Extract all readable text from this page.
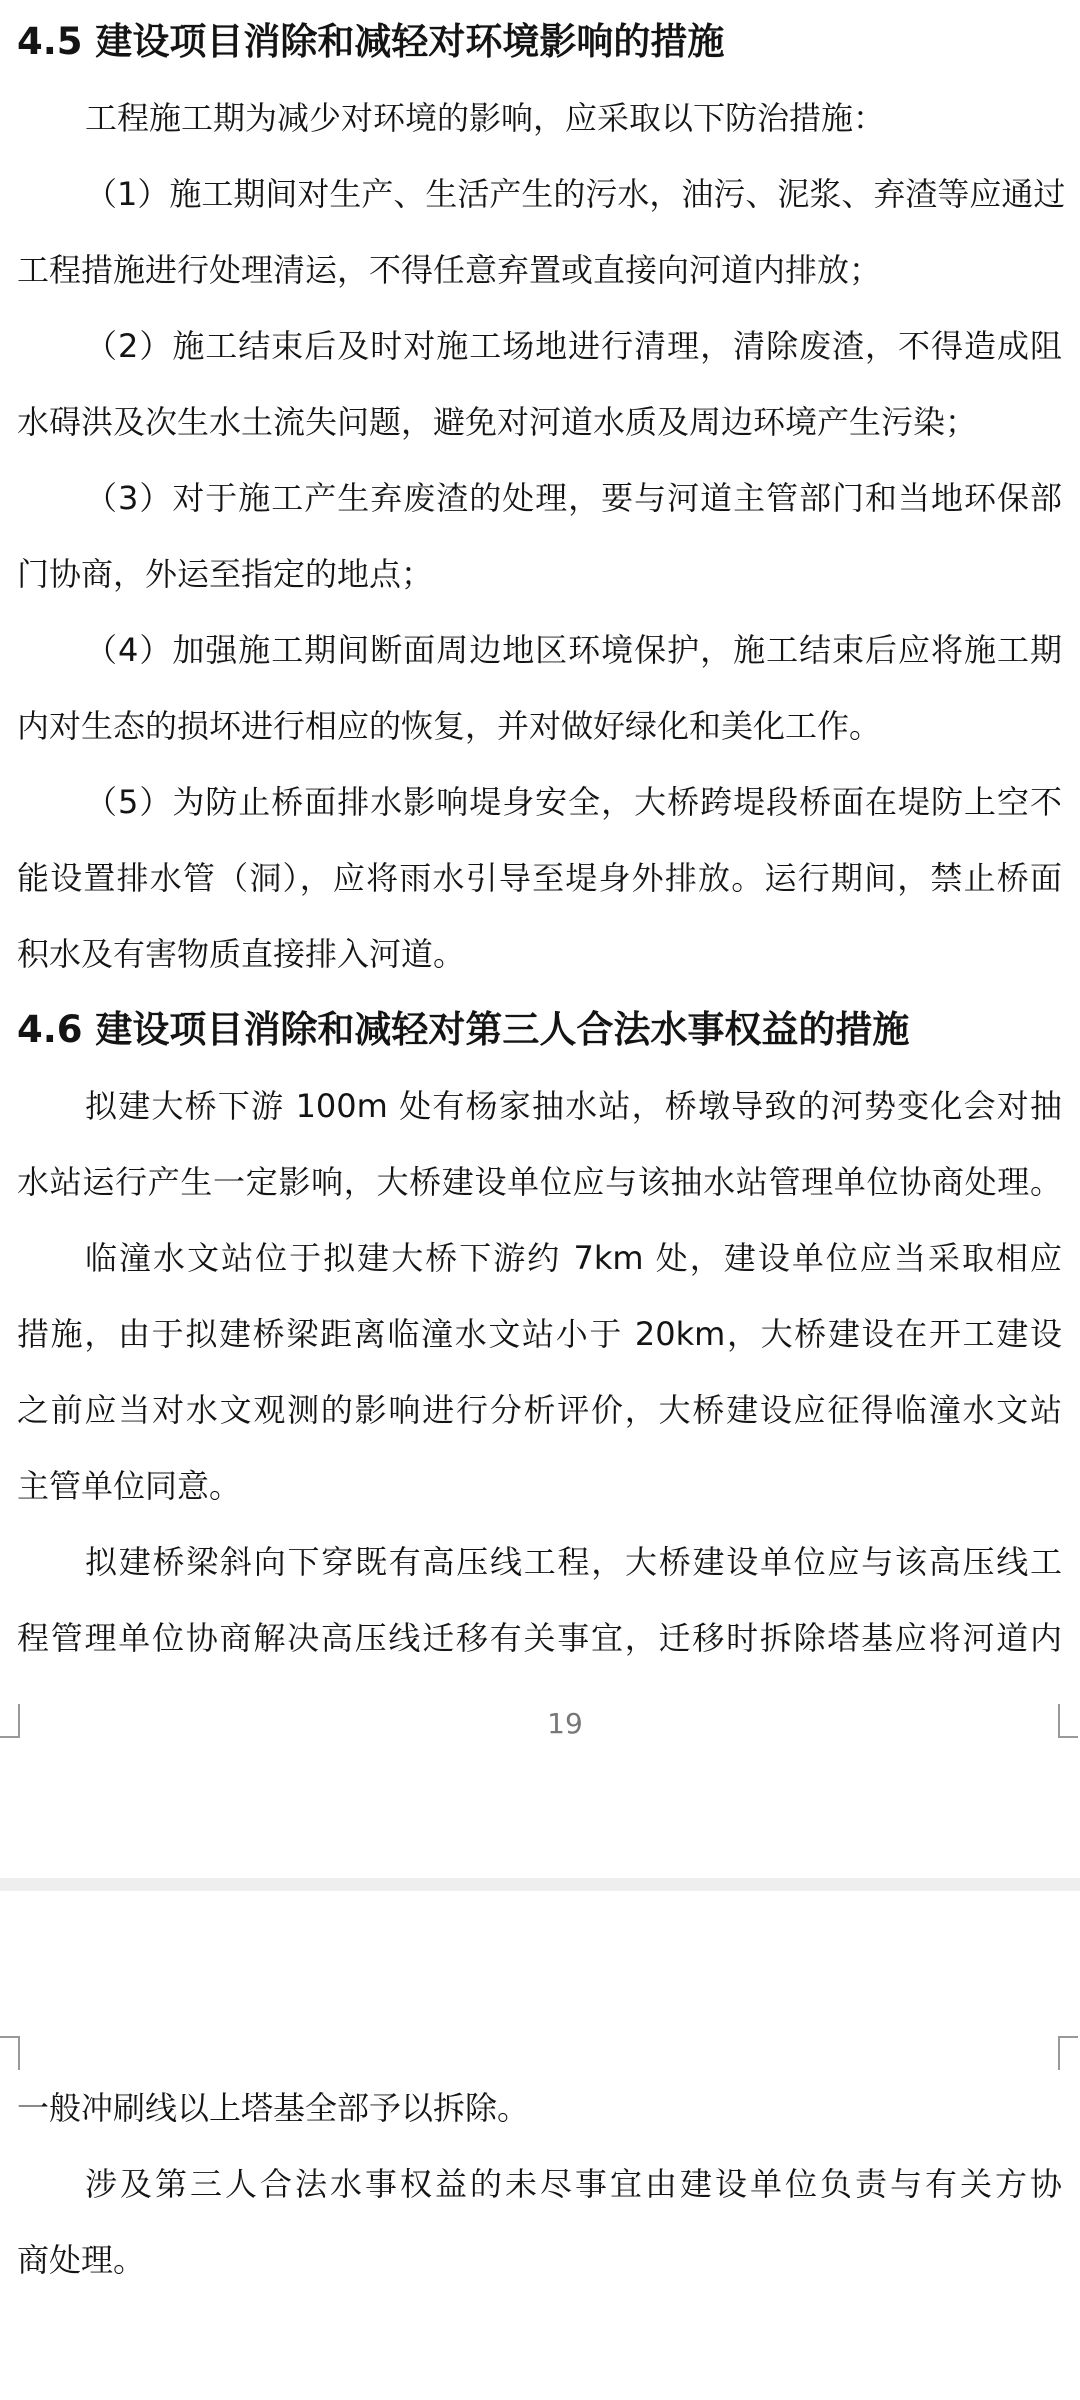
4.5 建设项目消除和减轻对环境影响的措施
工程施工期为减少对环境的影响，应采取以下防治措施：
（1）施工期间对生产、生活产生的污水，油污、泥浆、弃渣等应通过
工程措施进行处理清运，不得任意弃置或直接向河道内排放；
（2）施工结束后及时对施工场地进行清理，清除废渣，不得造成阻
水碍洪及次生水土流失问题，避免对河道水质及周边环境产生污染；
（3）对于施工产生弃废渣的处理，要与河道主管部门和当地环保部
门协商，外运至指定的地点；
（4）加强施工期间断面周边地区环境保护，施工结束后应将施工期
内对生态的损坏进行相应的恢复，并对做好绿化和美化工作。
（5）为防止桥面排水影响堤身安全，大桥跨堤段桥面在堤防上空不
能设置排水管（洞），应将雨水引导至堤身外排放。运行期间，禁止桥面
积水及有害物质直接排入河道。
4.6 建设项目消除和减轻对第三人合法水事权益的措施
拟建大桥下游 100m 处有杨家抽水站，桥墩导致的河势变化会对抽
水站运行产生一定影响，大桥建设单位应与该抽水站管理单位协商处理。
临潼水文站位于拟建大桥下游约 7km 处，建设单位应当采取相应
措施，由于拟建桥梁距离临潼水文站小于 20km，大桥建设在开工建设
之前应当对水文观测的影响进行分析评价，大桥建设应征得临潼水文站
主管单位同意。
拟建桥梁斜向下穿既有高压线工程，大桥建设单位应与该高压线工
程管理单位协商解决高压线迁移有关事宜，迁移时拆除塔基应将河道内
19
一般冲刷线以上塔基全部予以拆除。
涉及第三人合法水事权益的未尽事宜由建设单位负责与有关方协
商处理。
